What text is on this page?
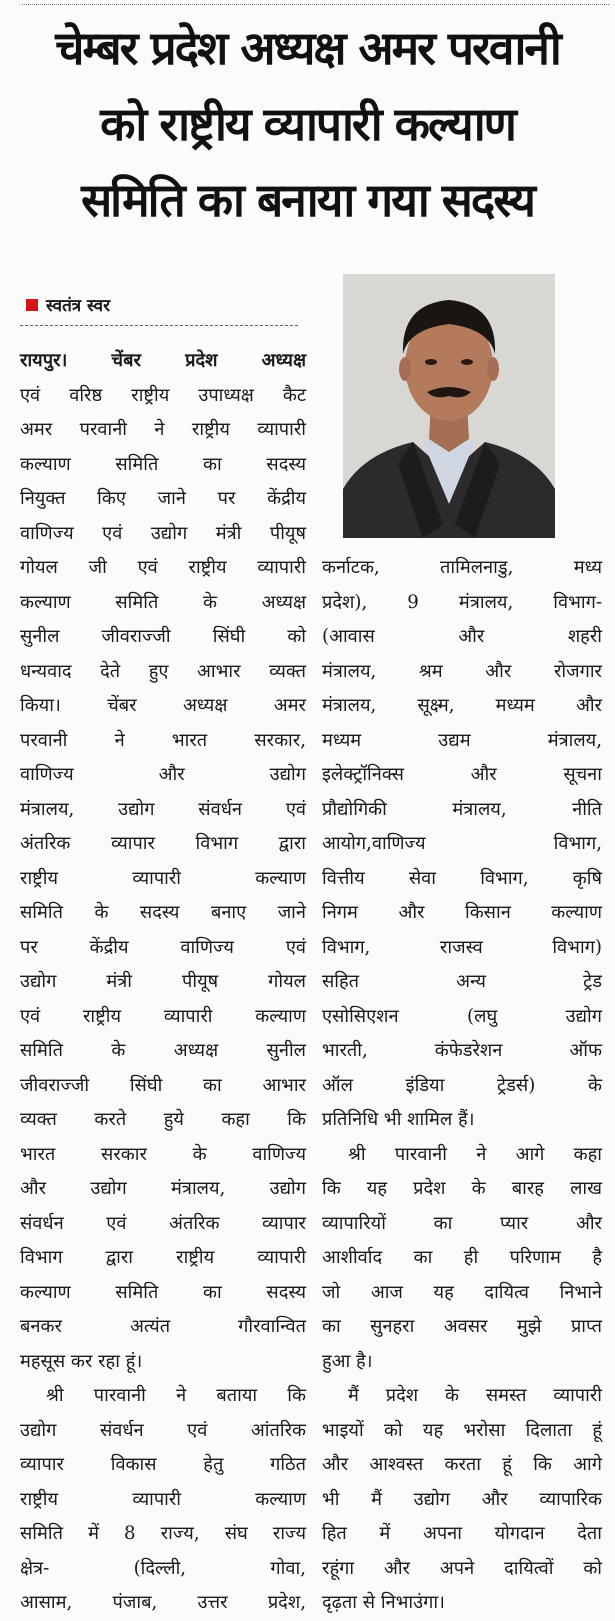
चेम्बर प्रदेश अध्यक्ष अमर परवानी
को राष्ट्रीय व्यापारी कल्याण
समिति का बनाया गया सदस्य
स्वतंत्र स्वर

रायपुर। चेंबर प्रदेश अध्यक्ष

एवं वरिष्ठ राष्ट्रीय उपाध्यक्ष कैट

अमर परवानी ने राष्ट्रीय व्यापारी

कल्याण समिति का सदस्य

नियुक्त किए जाने पर केंद्रीय

वाणिज्य एवं उद्योग मंत्री पीयूष

गोयल जी एवं राष्ट्रीय व्यापारी

कल्याण समिति के अध्यक्ष

सुनील जीवराज्जी सिंघी को

धन्यवाद देते हुए आभार व्यक्त

किया। चेंबर अध्यक्ष अमर

परवानी ने भारत सरकार,

वाणिज्य और उद्योग

मंत्रालय, उद्योग संवर्धन एवं

अंतरिक व्यापार विभाग द्वारा

राष्ट्रीय व्यापारी कल्याण

समिति के सदस्य बनाए जाने

पर केंद्रीय वाणिज्य एवं

उद्योग मंत्री पीयूष गोयल

एवं राष्ट्रीय व्यापारी कल्याण

समिति के अध्यक्ष सुनील

जीवराज्जी सिंघी का आभार

व्यक्त करते हुये कहा कि

भारत सरकार के वाणिज्य

और उद्योग मंत्रालय, उद्योग

संवर्धन एवं अंतरिक व्यापार

विभाग द्वारा राष्ट्रीय व्यापारी

कल्याण समिति का सदस्य

बनकर अत्यंत गौरवान्वित

महसूस कर रहा हूं।

श्री पारवानी ने बताया कि

उद्योग संवर्धन एवं आंतरिक

व्यापार विकास हेतु गठित

राष्ट्रीय व्यापारी कल्याण

समिति में 8 राज्य, संघ राज्य

क्षेत्र- (दिल्ली, गोवा,

आसाम, पंजाब, उत्तर प्रदेश,

कर्नाटक, तामिलनाडु, मध्य

प्रदेश), 9 मंत्रालय, विभाग-

(आवास और शहरी

मंत्रालय, श्रम और रोजगार

मंत्रालय, सूक्ष्म, मध्यम और

मध्यम उद्यम मंत्रालय,

इलेक्ट्रॉनिक्स और सूचना

प्रौद्योगिकी मंत्रालय, नीति

आयोग,वाणिज्य विभाग,

वित्तीय सेवा विभाग, कृषि

निगम और किसान कल्याण

विभाग, राजस्व विभाग)

सहित अन्य ट्रेड

एसोसिएशन (लघु उद्योग

भारती, कंफेडरेशन ऑफ

ऑल इंडिया ट्रेडर्स) के

प्रतिनिधि भी शामिल हैं।

श्री पारवानी ने आगे कहा

कि यह प्रदेश के बारह लाख

व्यापारियों का प्यार और

आशीर्वाद का ही परिणाम है

जो आज यह दायित्व निभाने

का सुनहरा अवसर मुझे प्राप्त

हुआ है।

मैं प्रदेश के समस्त व्यापारी

भाइयों को यह भरोसा दिलाता हूं

और आश्वस्त करता हूं कि आगे

भी मैं उद्योग और व्यापारिक

हित में अपना योगदान देता

रहूंगा और अपने दायित्वों को

दृढ़ता से निभाउंगा।
